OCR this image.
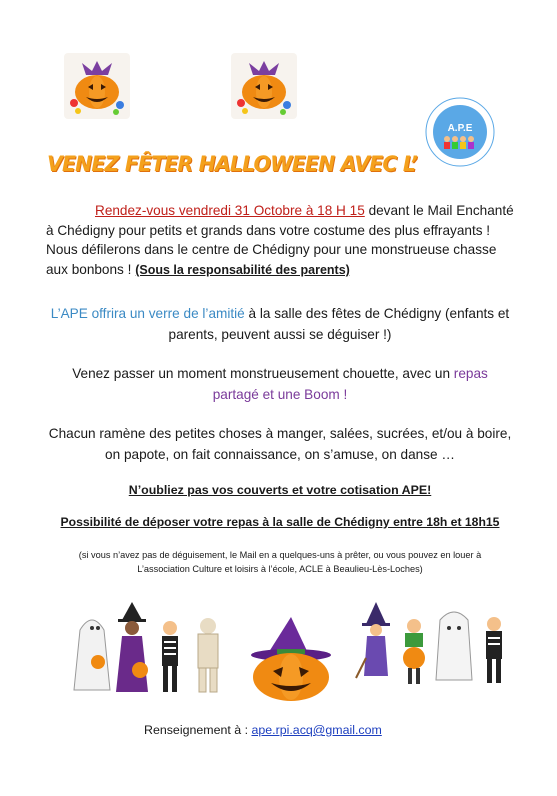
A.P.E
VENEZ FÊTER HALLOWEEN AVEC L’
Rendez-vous vendredi 31 Octobre à 18 H 15 devant le Mail Enchanté
à Chédigny pour petits et grands dans votre costume des plus effrayants !
Nous défilerons dans le centre de Chédigny pour une monstrueuse chasse
aux bonbons ! (Sous la responsabilité des parents)
L’APE offrira un verre de l’amitié à la salle des fêtes de Chédigny (enfants et
parents, peuvent aussi se déguiser !)
Venez passer un moment monstrueusement chouette, avec un repas
partagé et une Boom !
Chacun ramène des petites choses à manger, salées, sucrées, et/ou à boire,
on papote, on fait connaissance, on s’amuse, on danse …
N’oubliez pas vos couverts et votre cotisation APE!
Possibilité de déposer votre repas à la salle de Chédigny entre 18h et 18h15
(si vous n’avez pas de déguisement, le Mail en a quelques-uns à prêter, ou vous pouvez en louer à
L’association Culture et loisirs à l’école, ACLE à Beaulieu-Lès-Loches)
Renseignement à : ape.rpi.acq@gmail.com
